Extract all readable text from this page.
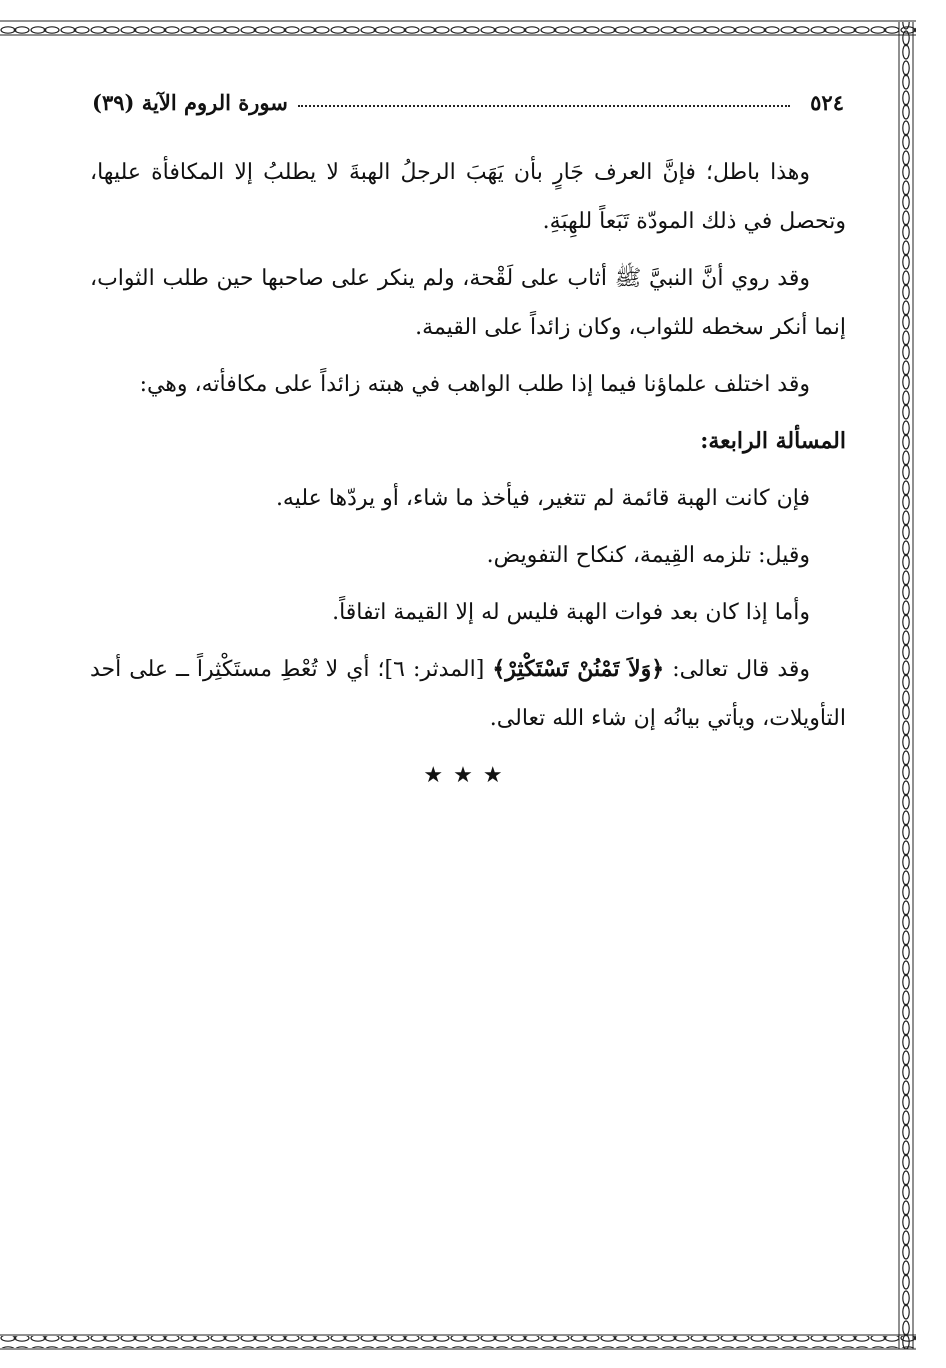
٥٢٤
سورة الروم الآية (٣٩)

وهذا باطل؛ فإنَّ العرف جَارٍ بأن يَهَبَ الرجلُ الهبةَ لا يطلبُ إلا المكافأة عليها، وتحصل في ذلك المودّة تَبَعاً للهِبَةِ.

وقد روي أنَّ النبيَّ ﷺ أثاب على لَقْحة، ولم ينكر على صاحبها حين طلب الثواب، إنما أنكر سخطه للثواب، وكان زائداً على القيمة.

وقد اختلف علماؤنا فيما إذا طلب الواهب في هبته زائداً على مكافأته، وهي:

المسألة الرابعة:

فإن كانت الهبة قائمة لم تتغير، فيأخذ ما شاء، أو يردّها عليه.

وقيل: تلزمه القِيمة، كنكاح التفويض.

وأما إذا كان بعد فوات الهبة فليس له إلا القيمة اتفاقاً.

وقد قال تعالى: ﴿وَلاَ تَمْنُنْ تَسْتَكْثِرْ﴾ [المدثر: ٦]؛ أي لا تُعْطِ مستَكْثِراً ــ على أحد التأويلات، ويأتي بيانُه إن شاء الله تعالى.

★★★
